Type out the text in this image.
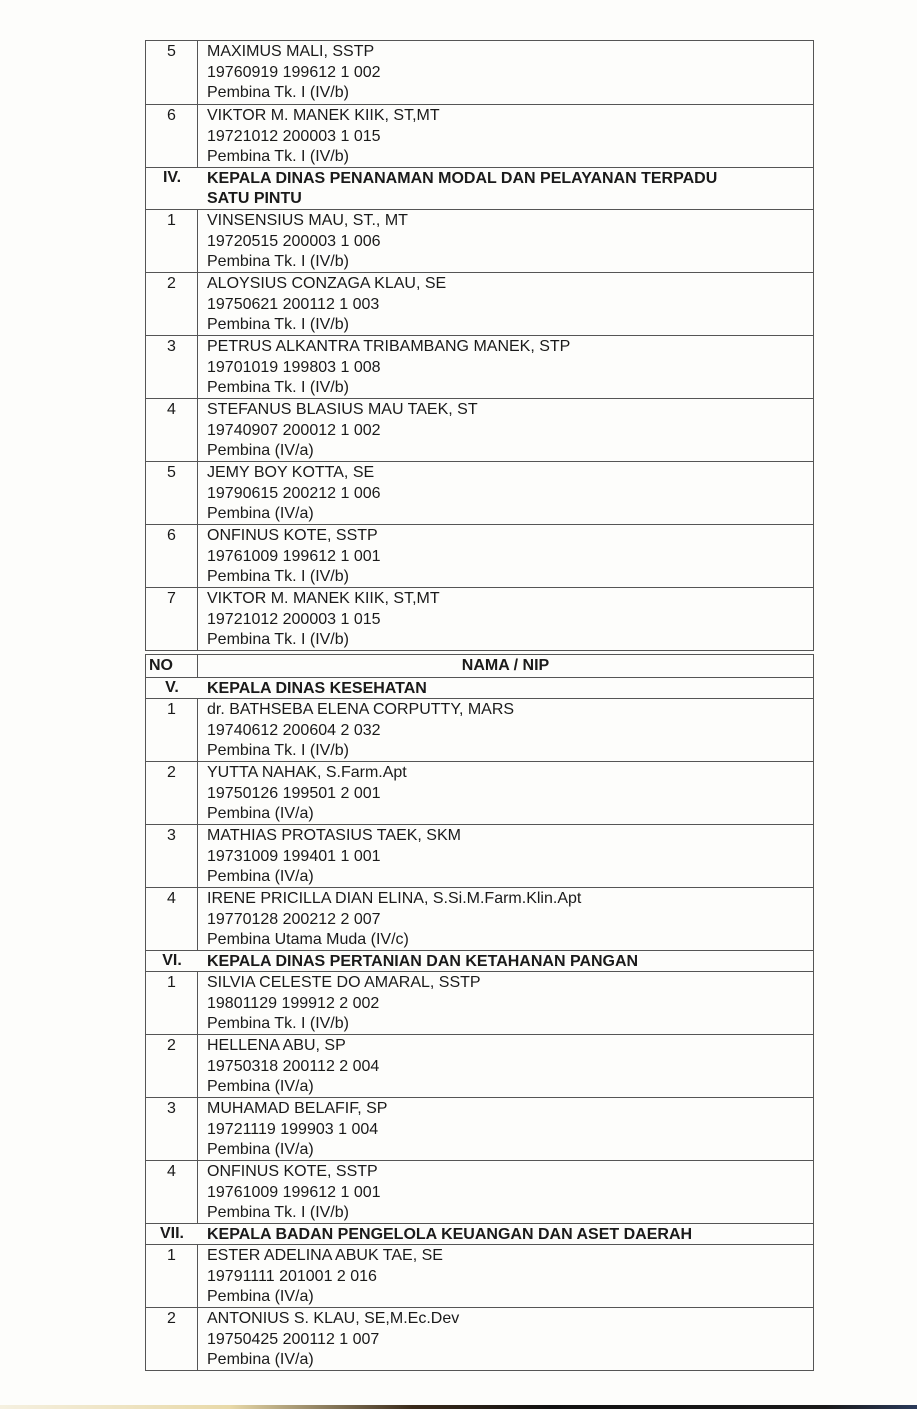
5	MAXIMUS MALI, SSTP
19760919 199612 1 002
Pembina Tk. I (IV/b)
6	VIKTOR M. MANEK KIIK, ST,MT
19721012 200003 1 015
Pembina Tk. I (IV/b)
IV.	KEPALA DINAS PENANAMAN MODAL DAN PELAYANAN TERPADU
SATU PINTU
1	VINSENSIUS MAU, ST., MT
19720515 200003 1 006
Pembina Tk. I (IV/b)
2	ALOYSIUS CONZAGA KLAU, SE
19750621 200112 1 003
Pembina Tk. I (IV/b)
3	PETRUS ALKANTRA TRIBAMBANG MANEK, STP
19701019 199803 1 008
Pembina Tk. I (IV/b)
4	STEFANUS BLASIUS MAU TAEK, ST
19740907 200012 1 002
Pembina (IV/a)
5	JEMY BOY KOTTA, SE
19790615 200212 1 006
Pembina (IV/a)
6	ONFINUS KOTE, SSTP
19761009 199612 1 001
Pembina Tk. I (IV/b)
7	VIKTOR M. MANEK KIIK, ST,MT
19721012 200003 1 015
Pembina Tk. I (IV/b)
NO	NAMA / NIP
V.	KEPALA DINAS KESEHATAN
1	dr. BATHSEBA ELENA CORPUTTY, MARS
19740612 200604 2 032
Pembina Tk. I (IV/b)
2	YUTTA NAHAK, S.Farm.Apt
19750126 199501 2 001
Pembina (IV/a)
3	MATHIAS PROTASIUS TAEK, SKM
19731009 199401 1 001
Pembina (IV/a)
4	IRENE PRICILLA DIAN ELINA, S.Si.M.Farm.Klin.Apt
19770128 200212 2 007
Pembina Utama Muda (IV/c)
VI.	KEPALA DINAS PERTANIAN DAN KETAHANAN PANGAN
1	SILVIA CELESTE DO AMARAL, SSTP
19801129 199912 2 002
Pembina Tk. I (IV/b)
2	HELLENA ABU, SP
19750318 200112 2 004
Pembina (IV/a)
3	MUHAMAD BELAFIF, SP
19721119 199903 1 004
Pembina (IV/a)
4	ONFINUS KOTE, SSTP
19761009 199612 1 001
Pembina Tk. I (IV/b)
VII.	KEPALA BADAN PENGELOLA KEUANGAN DAN ASET DAERAH
1	ESTER ADELINA ABUK TAE, SE
19791111 201001 2 016
Pembina (IV/a)
2	ANTONIUS S. KLAU, SE,M.Ec.Dev
19750425 200112 1 007
Pembina (IV/a)
